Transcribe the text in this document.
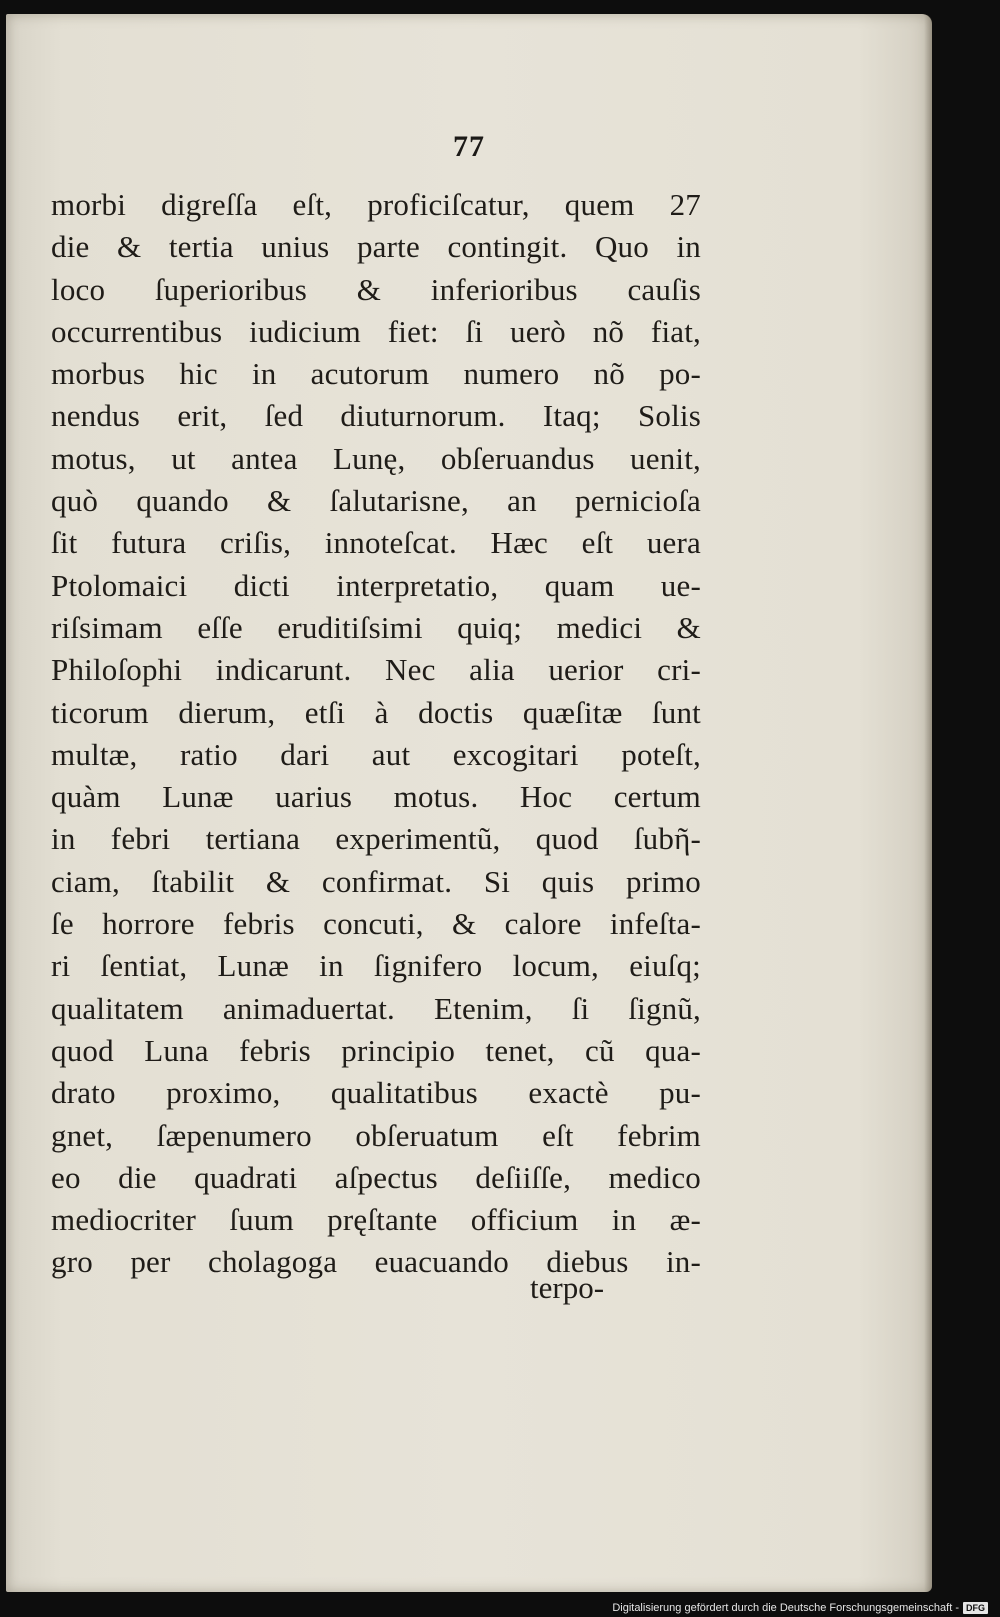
77
morbi digreſſa eſt, proficiſcatur, quem 27
die & tertia unius parte contingit. Quo in
loco ſuperioribus & inferioribus cauſis
occurrentibus iudicium fiet: ſi uerò nõ fiat,
morbus hic in acutorum numero nõ po-
nendus erit, ſed diuturnorum. Itaq; Solis
motus, ut antea Lunę, obſeruandus uenit,
quò quando & ſalutarisne, an pernicioſa
ſit futura criſis, innoteſcat. Hæc eſt uera
Ptolomaici dicti interpretatio, quam ue-
riſsimam eſſe eruditiſsimi quiq; medici &
Philoſophi indicarunt. Nec alia uerior cri-
ticorum dierum, etſi à doctis quæſitæ ſunt
multæ, ratio dari aut excogitari poteſt,
quàm Lunæ uarius motus. Hoc certum
in febri tertiana experimentũ, quod ſubῆ-
ciam, ſtabilit & confirmat. Si quis primo
ſe horrore febris concuti, & calore infeſta-
ri ſentiat, Lunæ in ſignifero locum, eiuſq;
qualitatem animaduertat. Etenim, ſi ſignũ,
quod Luna febris principio tenet, cũ qua-
drato proximo, qualitatibus exactè pu-
gnet, ſæpenumero obſeruatum eſt febrim
eo die quadrati aſpectus deſiiſſe, medico
mediocriter ſuum pręſtante officium in æ-
gro per cholagoga euacuando diebus in-
terpo-
Digitalisierung gefördert durch die Deutsche Forschungsgemeinschaft - DFG
